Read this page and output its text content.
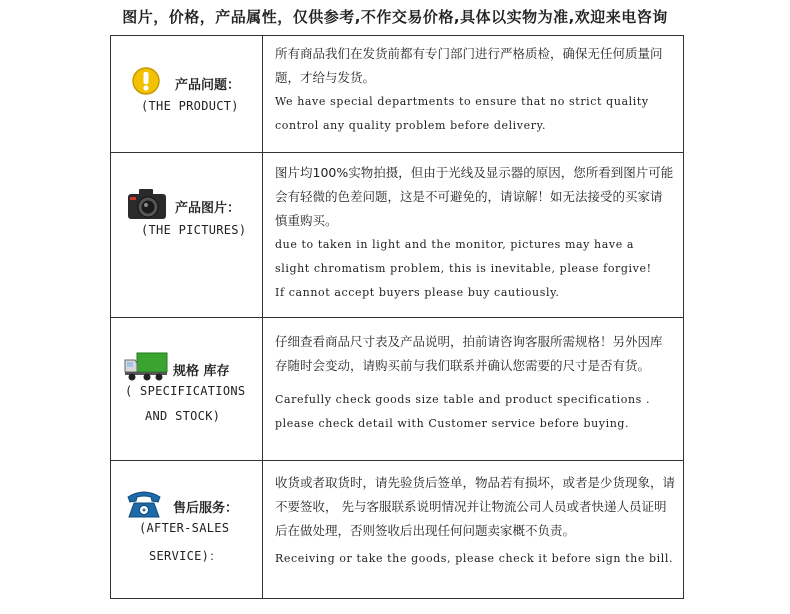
图片，价格，产品属性，仅供参考,不作交易价格,具体以实物为准,欢迎来电咨询
产品问题：
(THE PRODUCT)
所有商品我们在发货前都有专门部门进行严格质检，确保无任何质量问
题，才给与发货。
We have special departments to ensure that no strict quality
control any quality problem before delivery.
产品图片：
(THE PICTURES)
图片均100%实物拍摄，但由于光线及显示器的原因，您所看到图片可能
会有轻微的色差问题，这是不可避免的，请谅解！如无法接受的买家请
慎重购买。
due to taken in light and the monitor, pictures may have a
slight chromatism problem, this is inevitable, please forgive!
If cannot accept buyers please buy cautiously.
规格 库存
( SPECIFICATIONS
AND STOCK)
仔细查看商品尺寸表及产品说明，拍前请咨询客服所需规格！另外因库
存随时会变动，请购买前与我们联系并确认您需要的尺寸是否有货。
Carefully check goods size table and product specifications .
please check detail with Customer service before buying.
售后服务：
(AFTER-SALES
SERVICE)：
收货或者取货时，请先验货后签单，物品若有损坏，或者是少货现象，请
不要签收， 先与客服联系说明情况并让物流公司人员或者快递人员证明
后在做处理，否则签收后出现任何问题卖家概不负责。
Receiving or take the goods, please check it before sign the bill.
